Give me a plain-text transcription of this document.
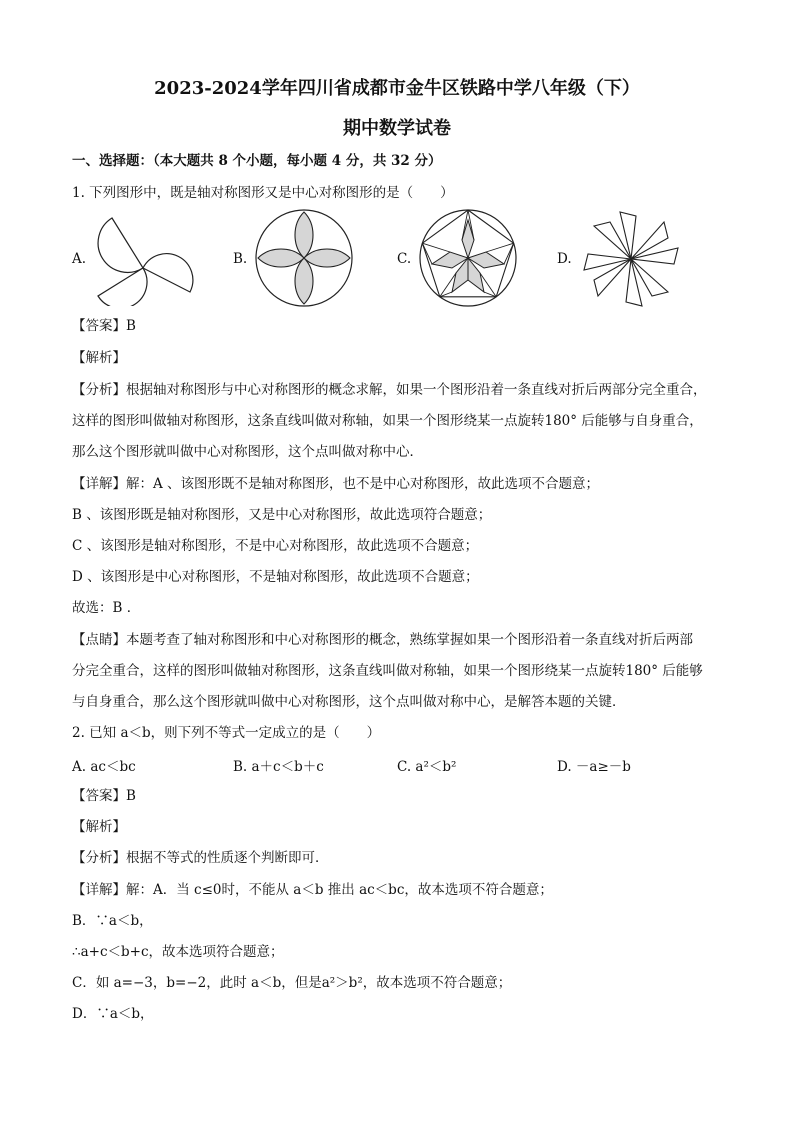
2023-2024学年四川省成都市金牛区铁路中学八年级（下）
期中数学试卷
一、选择题：（本大题共 8 个小题，每小题 4 分，共 32 分）
1. 下列图形中，既是轴对称图形又是中心对称图形的是（　　）
A.	B.	C.	D.
【答案】B
【解析】
【分析】根据轴对称图形与中心对称图形的概念求解，如果一个图形沿着一条直线对折后两部分完全重合，
这样的图形叫做轴对称图形，这条直线叫做对称轴，如果一个图形绕某一点旋转180° 后能够与自身重合，
那么这个图形就叫做中心对称图形，这个点叫做对称中心．
【详解】解：A 、该图形既不是轴对称图形，也不是中心对称图形，故此选项不合题意；
B 、该图形既是轴对称图形，又是中心对称图形，故此选项符合题意；
C 、该图形是轴对称图形，不是中心对称图形，故此选项不合题意；
D 、该图形是中心对称图形，不是轴对称图形，故此选项不合题意；
故选：B ．
【点睛】本题考查了轴对称图形和中心对称图形的概念，熟练掌握如果一个图形沿着一条直线对折后两部
分完全重合，这样的图形叫做轴对称图形，这条直线叫做对称轴，如果一个图形绕某一点旋转180° 后能够
与自身重合，那么这个图形就叫做中心对称图形，这个点叫做对称中心，是解答本题的关键．
2. 已知 a＜b，则下列不等式一定成立的是（　　）
A. ac＜bc	B. a＋c＜b＋c	C. a²＜b²	D. －a≥－b
【答案】B
【解析】
【分析】根据不等式的性质逐个判断即可．
【详解】解：A．当 c≤0时，不能从 a＜b 推出 ac＜bc，故本选项不符合题意；
B．∵a＜b，
∴a+c＜b+c，故本选项符合题意；
C．如 a=−3，b=−2，此时 a＜b，但是a²＞b²，故本选项不符合题意；
D．∵a＜b，
